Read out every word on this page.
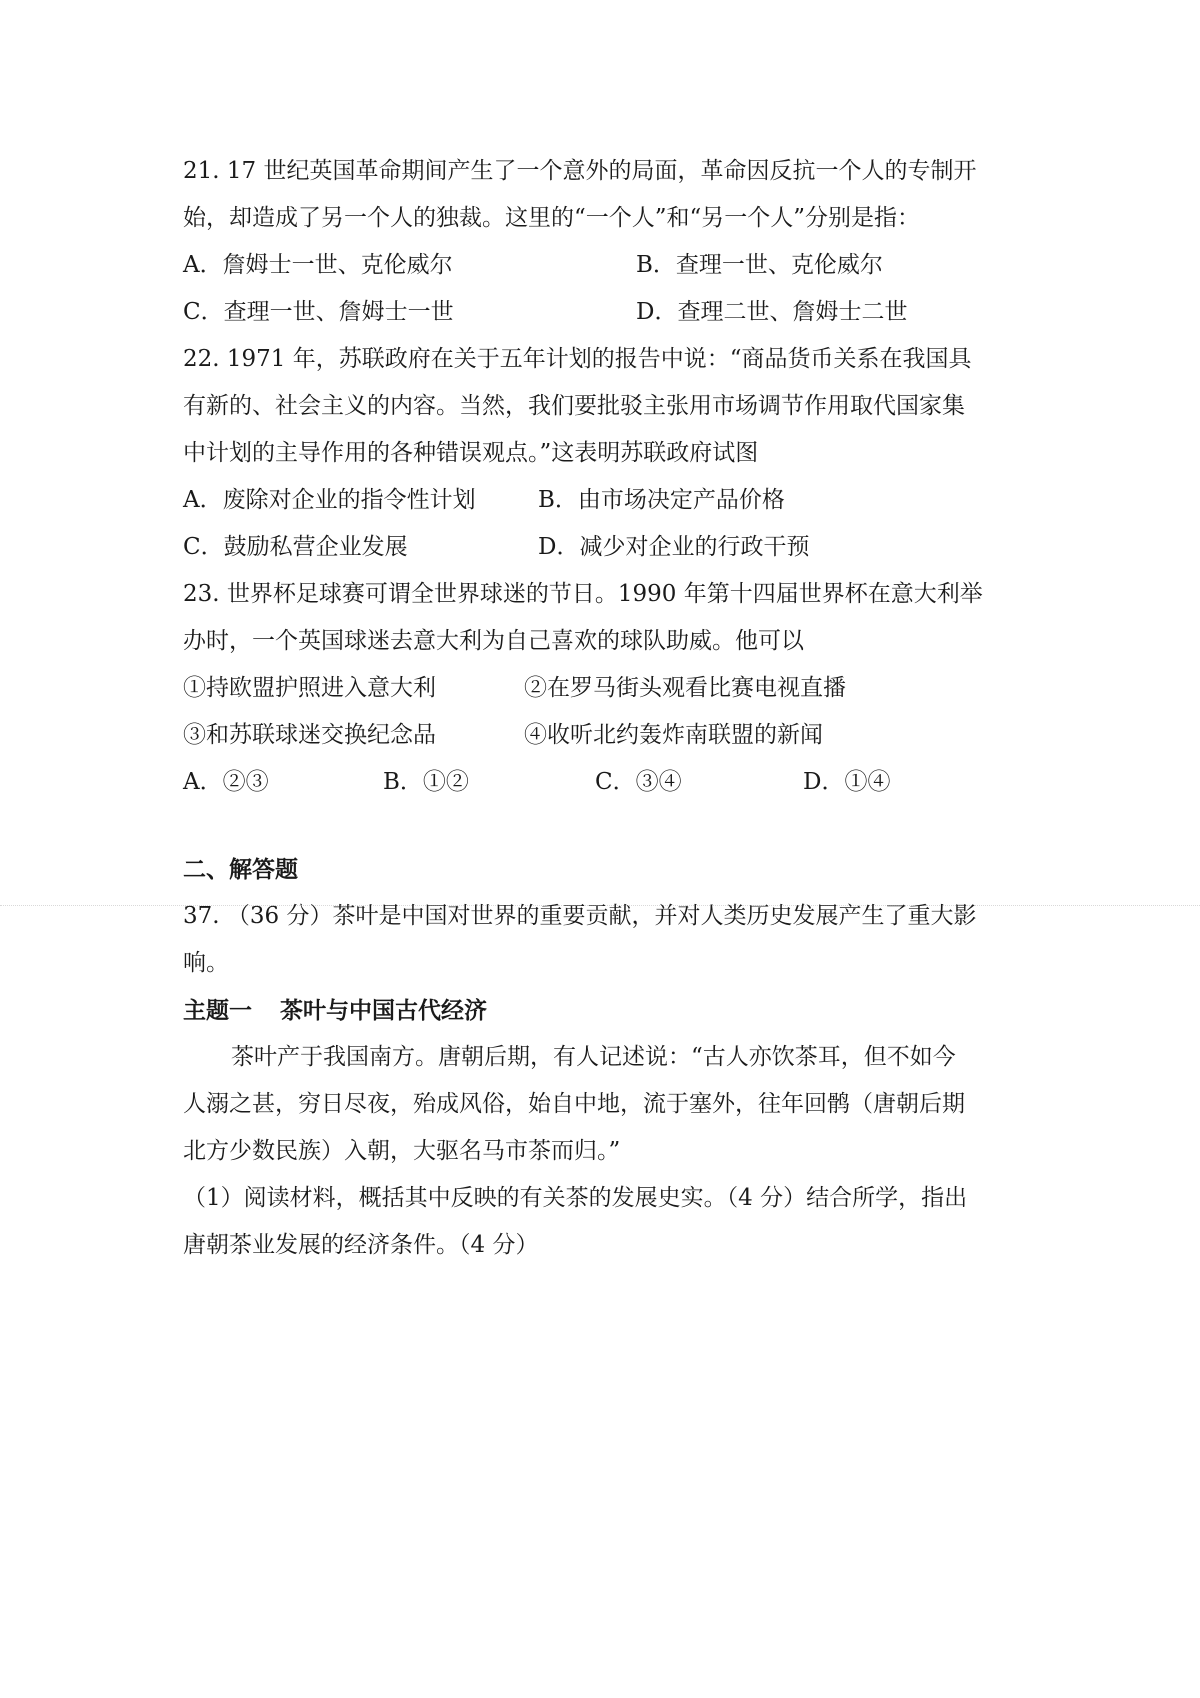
21. 17 世纪英国革命期间产生了一个意外的局面，革命因反抗一个人的专制开
始，却造成了另一个人的独裁。这里的“一个人”和“另一个人”分别是指：
A．詹姆士一世、克伦威尔	B．查理一世、克伦威尔
C．查理一世、詹姆士一世	D．查理二世、詹姆士二世
22. 1971 年，苏联政府在关于五年计划的报告中说：“商品货币关系在我国具
有新的、社会主义的内容。当然，我们要批驳主张用市场调节作用取代国家集
中计划的主导作用的各种错误观点。”这表明苏联政府试图
A．废除对企业的指令性计划	B．由市场决定产品价格
C．鼓励私营企业发展	D．减少对企业的行政干预
23. 世界杯足球赛可谓全世界球迷的节日。1990 年第十四届世界杯在意大利举
办时，一个英国球迷去意大利为自己喜欢的球队助威。他可以
①持欧盟护照进入意大利	②在罗马街头观看比赛电视直播
③和苏联球迷交换纪念品	④收听北约轰炸南联盟的新闻
A．②③	B．①②	C．③④	D．①④
二、解答题
37. （36 分）茶叶是中国对世界的重要贡献，并对人类历史发展产生了重大影
响。
主题一 茶叶与中国古代经济
茶叶产于我国南方。唐朝后期，有人记述说：“古人亦饮茶耳，但不如今
人溺之甚，穷日尽夜，殆成风俗，始自中地，流于塞外，往年回鹘（唐朝后期
北方少数民族）入朝，大驱名马市茶而归。”
（1）阅读材料，概括其中反映的有关茶的发展史实。（4 分）结合所学，指出
唐朝茶业发展的经济条件。（4 分）
